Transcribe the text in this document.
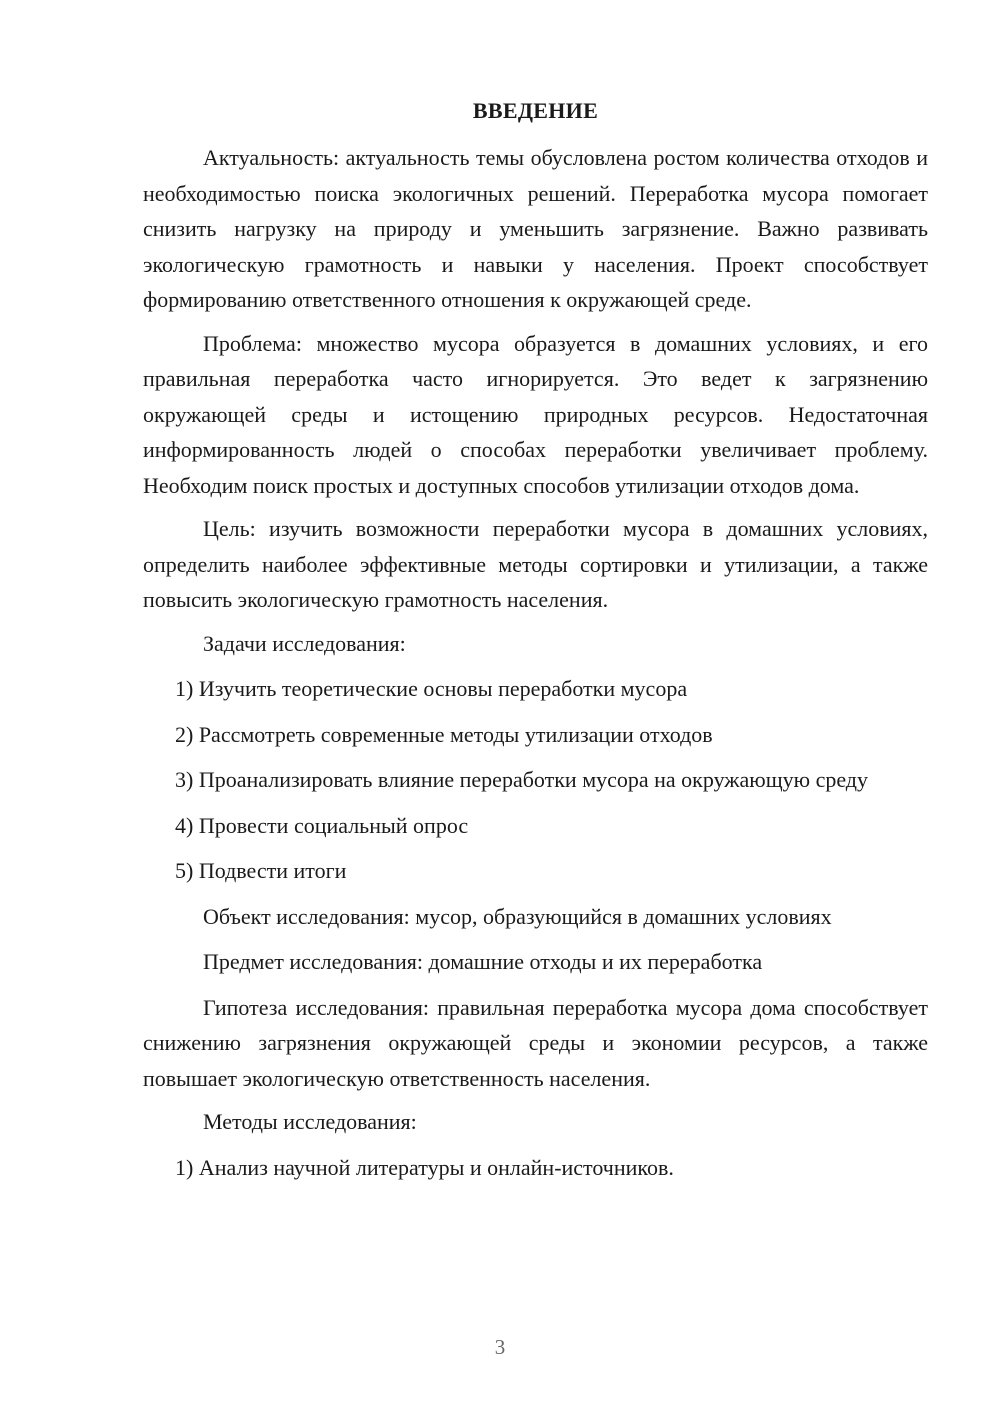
ВВЕДЕНИЕ

Актуальность: актуальность темы обусловлена ростом количества отходов и необходимостью поиска экологичных решений. Переработка мусора помогает снизить нагрузку на природу и уменьшить загрязнение. Важно развивать экологическую грамотность и навыки у населения. Проект способствует формированию ответственного отношения к окружающей среде.

Проблема: множество мусора образуется в домашних условиях, и его правильная переработка часто игнорируется. Это ведет к загрязнению окружающей среды и истощению природных ресурсов. Недостаточная информированность людей о способах переработки увеличивает проблему. Необходим поиск простых и доступных способов утилизации отходов дома.

Цель: изучить возможности переработки мусора в домашних условиях, определить наиболее эффективные методы сортировки и утилизации, а также повысить экологическую грамотность населения.

Задачи исследования:
1) Изучить теоретические основы переработки мусора
2) Рассмотреть современные методы утилизации отходов
3) Проанализировать влияние переработки мусора на окружающую среду
4) Провести социальный опрос
5) Подвести итоги
Объект исследования: мусор, образующийся в домашних условиях
Предмет исследования: домашние отходы и их переработка

Гипотеза исследования: правильная переработка мусора дома способствует снижению загрязнения окружающей среды и экономии ресурсов, а также повышает экологическую ответственность населения.

Методы исследования:
1) Анализ научной литературы и онлайн-источников.
3
